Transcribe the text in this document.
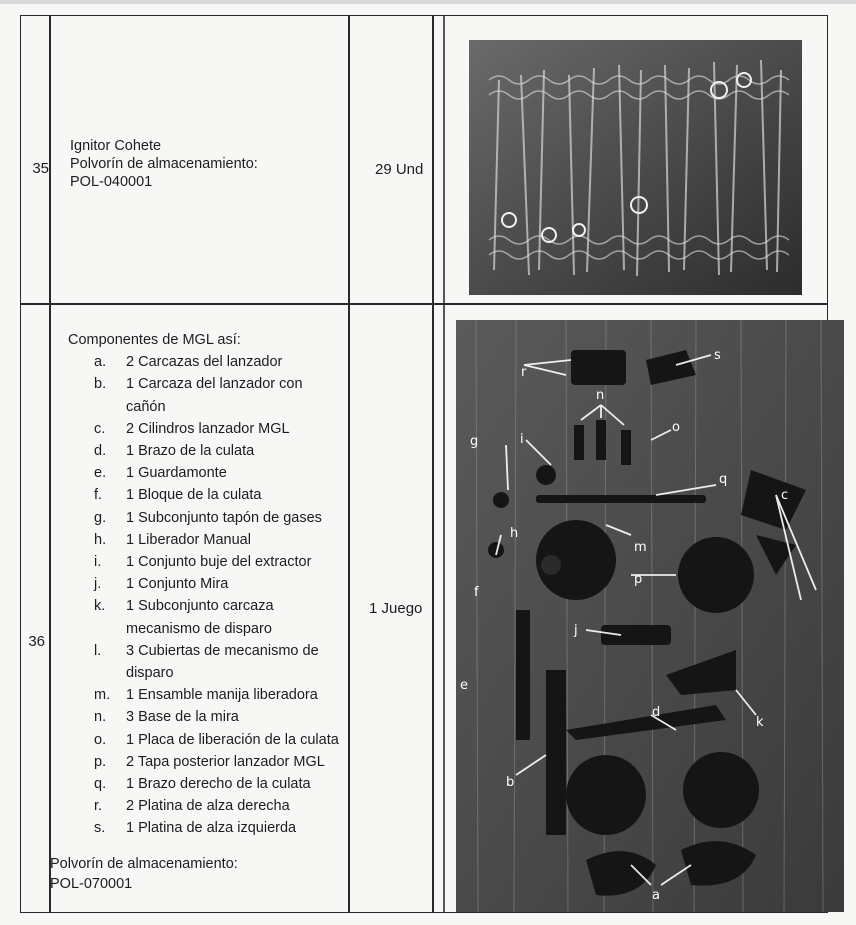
35
Ignitor Cohete
Polvorín de almacenamiento:
POL-040001
29 Und
36
Componentes de MGL así:
a.	2 Carcazas del lanzador
b.	1 Carcaza del lanzador con cañón
c.	2 Cilindros lanzador MGL
d.	1 Brazo de la culata
e.	1 Guardamonte
f.	1 Bloque de la culata
g.	1 Subconjunto tapón de gases
h.	1 Liberador Manual
i.	1 Conjunto buje del extractor
j.	1 Conjunto Mira
k.	1 Subconjunto carcaza mecanismo de disparo
l.	3 Cubiertas de mecanismo de disparo
m.	1 Ensamble manija liberadora
n.	3 Base de la mira
o.	1 Placa de liberación de la culata
p.	2 Tapa posterior lanzador MGL
q.	1 Brazo derecho de la culata
r.	2 Platina de alza derecha
s.	1 Platina de alza izquierda
Polvorín de almacenamiento:
POL-070001
1 Juego
r
s
n
o
g	i
q
m
h
c
f
p
j
e
k
d
b
a
